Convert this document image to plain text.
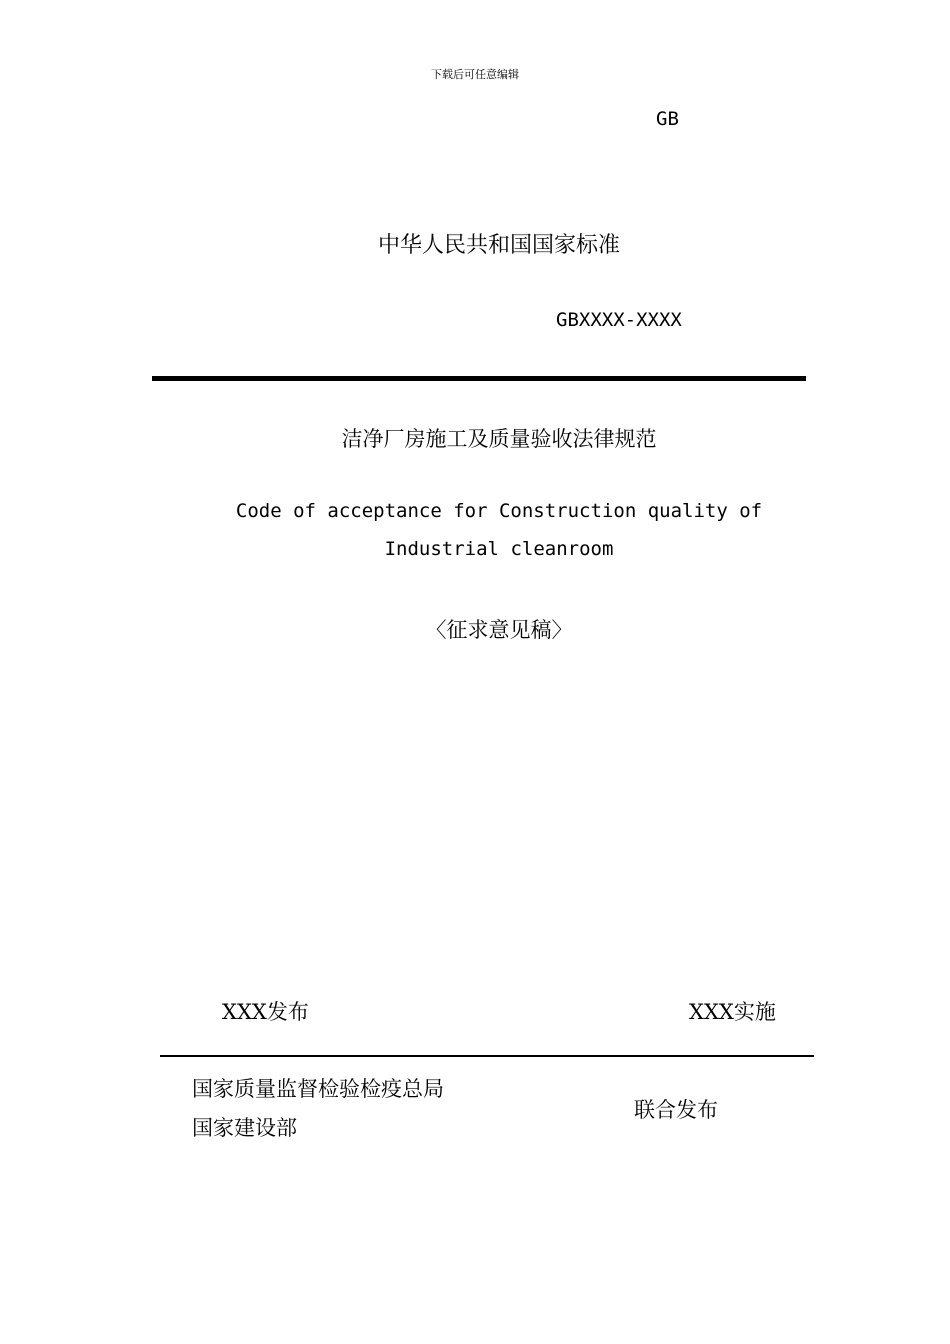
下载后可任意编辑
GB
中华人民共和国国家标准
GBXXXX-XXXX
洁净厂房施工及质量验收法律规范
Code of acceptance for Construction quality of
Industrial cleanroom
〈征求意见稿〉
XXX发布	XXX实施
国家质量监督检验检疫总局
国家建设部
联合发布
